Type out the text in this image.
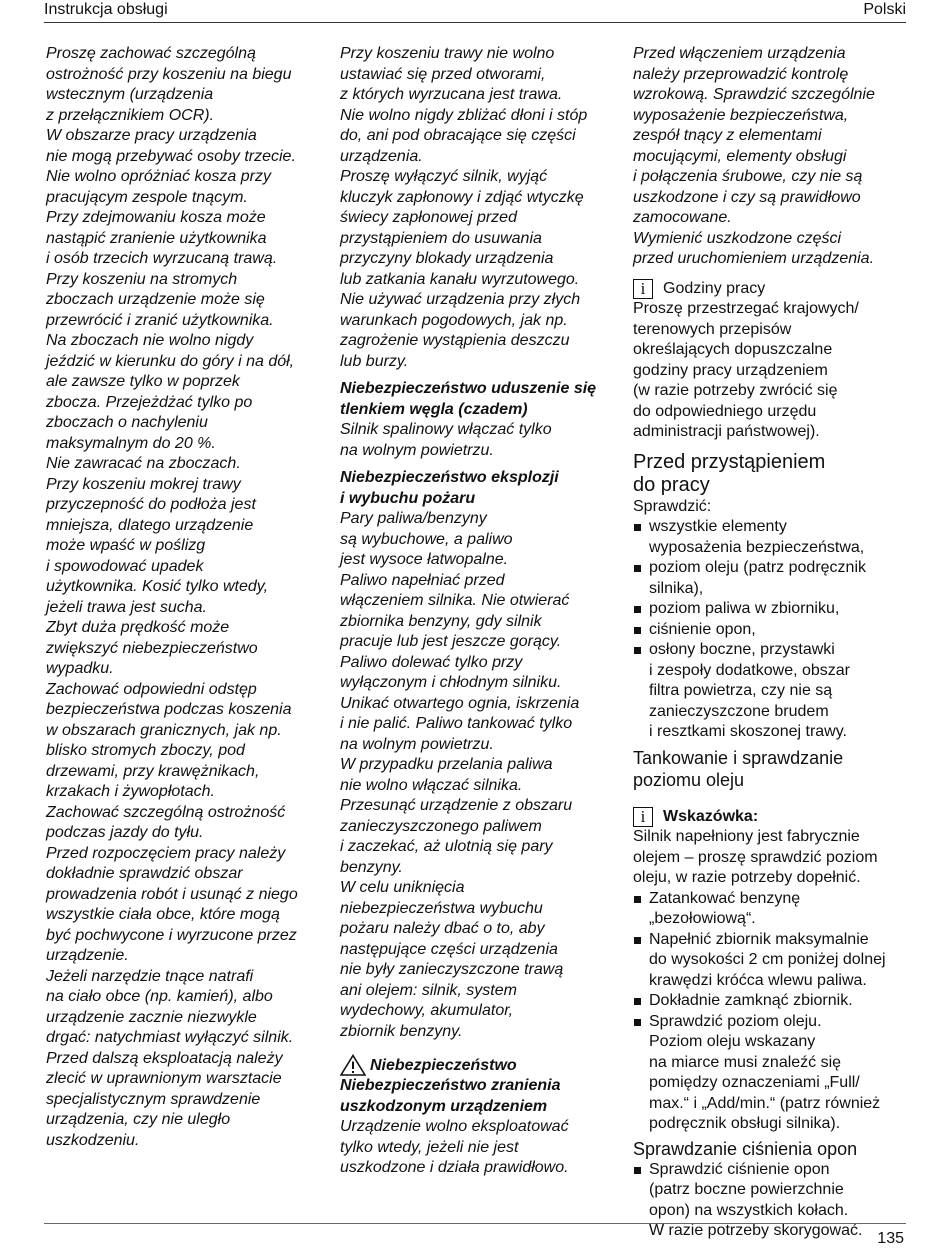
Instrukcja obsługi	Polski
Proszę zachować szczególną
ostrożność przy koszeniu na biegu
wstecznym (urządzenia
z przełącznikiem OCR).
W obszarze pracy urządzenia
nie mogą przebywać osoby trzecie.
Nie wolno opróżniać kosza przy
pracującym zespole tnącym.
Przy zdejmowaniu kosza może
nastąpić zranienie użytkownika
i osób trzecich wyrzucaną trawą.
Przy koszeniu na stromych
zboczach urządzenie może się
przewrócić i zranić użytkownika.
Na zboczach nie wolno nigdy
jeździć w kierunku do góry i na dół,
ale zawsze tylko w poprzek
zbocza. Przejeżdżać tylko po
zboczach o nachyleniu
maksymalnym do 20 %.
Nie zawracać na zboczach.
Przy koszeniu mokrej trawy
przyczepność do podłoża jest
mniejsza, dlatego urządzenie
może wpaść w poślizg
i spowodować upadek
użytkownika. Kosić tylko wtedy,
jeżeli trawa jest sucha.
Zbyt duża prędkość może
zwiększyć niebezpieczeństwo
wypadku.
Zachować odpowiedni odstęp
bezpieczeństwa podczas koszenia
w obszarach granicznych, jak np.
blisko stromych zboczy, pod
drzewami, przy krawężnikach,
krzakach i żywopłotach.
Zachować szczególną ostrożność
podczas jazdy do tyłu.
Przed rozpoczęciem pracy należy
dokładnie sprawdzić obszar
prowadzenia robót i usunąć z niego
wszystkie ciała obce, które mogą
być pochwycone i wyrzucone przez
urządzenie.
Jeżeli narzędzie tnące natrafi
na ciało obce (np. kamień), albo
urządzenie zacznie niezwykle
drgać: natychmiast wyłączyć silnik.
Przed dalszą eksploatacją należy
zlecić w uprawnionym warsztacie
specjalistycznym sprawdzenie
urządzenia, czy nie uległo
uszkodzeniu.
Przy koszeniu trawy nie wolno
ustawiać się przed otworami,
z których wyrzucana jest trawa.
Nie wolno nigdy zbliżać dłoni i stóp
do, ani pod obracające się części
urządzenia.
Proszę wyłączyć silnik, wyjąć
kluczyk zapłonowy i zdjąć wtyczkę
świecy zapłonowej przed
przystąpieniem do usuwania
przyczyny blokady urządzenia
lub zatkania kanału wyrzutowego.
Nie używać urządzenia przy złych
warunkach pogodowych, jak np.
zagrożenie wystąpienia deszczu
lub burzy.
Niebezpieczeństwo uduszenie się
tlenkiem węgla (czadem)
Silnik spalinowy włączać tylko
na wolnym powietrzu.
Niebezpieczeństwo eksplozji
i wybuchu pożaru
Pary paliwa/benzyny
są wybuchowe, a paliwo
jest wysoce łatwopalne.
Paliwo napełniać przed
włączeniem silnika. Nie otwierać
zbiornika benzyny, gdy silnik
pracuje lub jest jeszcze gorący.
Paliwo dolewać tylko przy
wyłączonym i chłodnym silniku.
Unikać otwartego ognia, iskrzenia
i nie palić. Paliwo tankować tylko
na wolnym powietrzu.
W przypadku przelania paliwa
nie wolno włączać silnika.
Przesunąć urządzenie z obszaru
zanieczyszczonego paliwem
i zaczekać, aż ulotnią się pary
benzyny.
W celu uniknięcia
niebezpieczeństwa wybuchu
pożaru należy dbać o to, aby
następujące części urządzenia
nie były zanieczyszczone trawą
ani olejem: silnik, system
wydechowy, akumulator,
zbiornik benzyny.
Niebezpieczeństwo
Niebezpieczeństwo zranienia
uszkodzonym urządzeniem
Urządzenie wolno eksploatować
tylko wtedy, jeżeli nie jest
uszkodzone i działa prawidłowo.
Przed włączeniem urządzenia
należy przeprowadzić kontrolę
wzrokową. Sprawdzić szczególnie
wyposażenie bezpieczeństwa,
zespół tnący z elementami
mocującymi, elementy obsługi
i połączenia śrubowe, czy nie są
uszkodzone i czy są prawidłowo
zamocowane.
Wymienić uszkodzone części
przed uruchomieniem urządzenia.
i	Godziny pracy
Proszę przestrzegać krajowych/
terenowych przepisów
określających dopuszczalne
godziny pracy urządzeniem
(w razie potrzeby zwrócić się
do odpowiedniego urzędu
administracji państwowej).
Przed przystąpieniem
do pracy
Sprawdzić:
wszystkie elementy
wyposażenia bezpieczeństwa,
poziom oleju (patrz podręcznik
silnika),
poziom paliwa w zbiorniku,
ciśnienie opon,
osłony boczne, przystawki
i zespoły dodatkowe, obszar
filtra powietrza, czy nie są
zanieczyszczone brudem
i resztkami skoszonej trawy.
Tankowanie i sprawdzanie
poziomu oleju
i	Wskazówka:
Silnik napełniony jest fabrycznie
olejem – proszę sprawdzić poziom
oleju, w razie potrzeby dopełnić.
Zatankować benzynę
„bezołowiową“.
Napełnić zbiornik maksymalnie
do wysokości 2 cm poniżej dolnej
krawędzi króćca wlewu paliwa.
Dokładnie zamknąć zbiornik.
Sprawdzić poziom oleju.
Poziom oleju wskazany
na miarce musi znaleźć się
pomiędzy oznaczeniami „Full/
max.“ i „Add/min.“ (patrz również
podręcznik obsługi silnika).
Sprawdzanie ciśnienia opon
Sprawdzić ciśnienie opon
(patrz boczne powierzchnie
opon) na wszystkich kołach.
W razie potrzeby skorygować. 135
